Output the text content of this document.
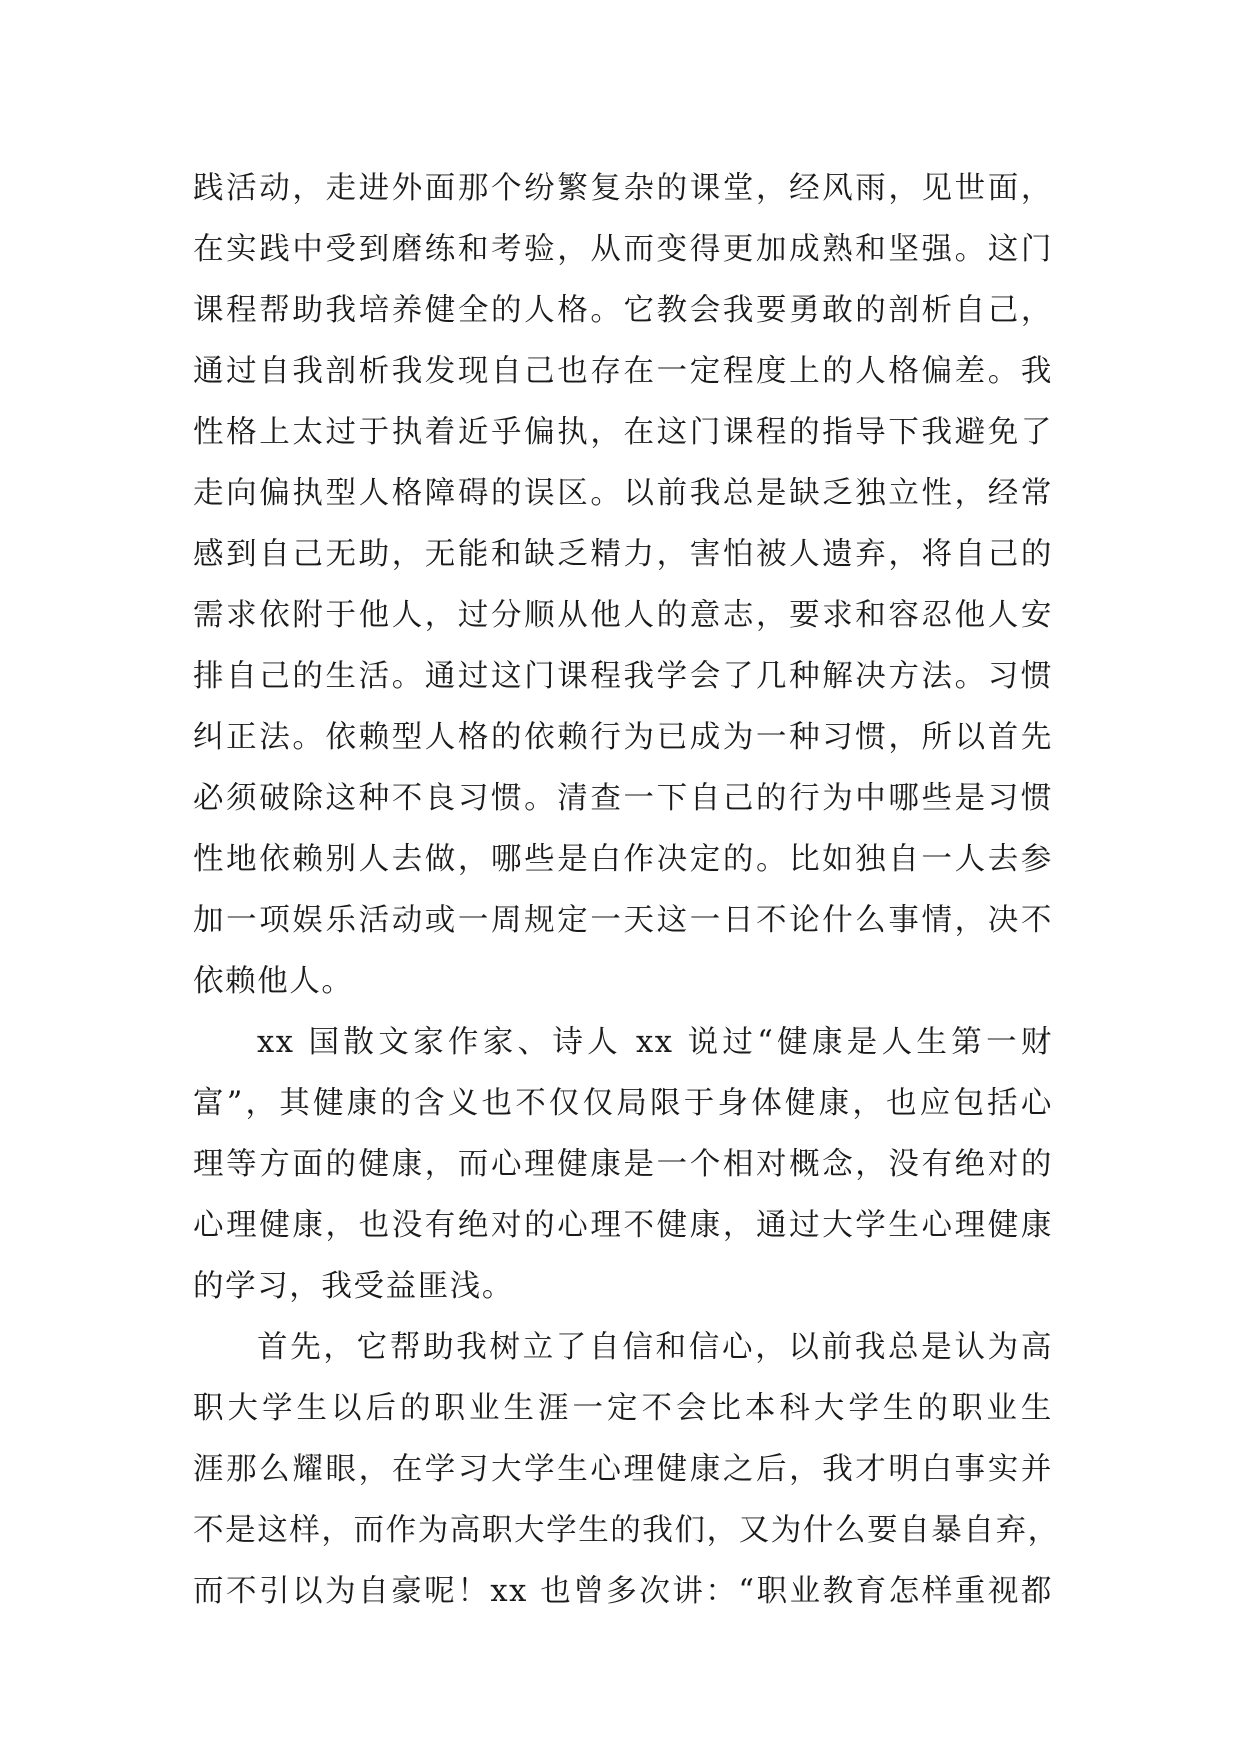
践活动，走进外面那个纷繁复杂的课堂，经风雨，见世面，
在实践中受到磨练和考验，从而变得更加成熟和坚强。这门
课程帮助我培养健全的人格。它教会我要勇敢的剖析自己，
通过自我剖析我发现自己也存在一定程度上的人格偏差。我
性格上太过于执着近乎偏执，在这门课程的指导下我避免了
走向偏执型人格障碍的误区。以前我总是缺乏独立性，经常
感到自己无助，无能和缺乏精力，害怕被人遗弃，将自己的
需求依附于他人，过分顺从他人的意志，要求和容忍他人安
排自己的生活。通过这门课程我学会了几种解决方法。习惯
纠正法。依赖型人格的依赖行为已成为一种习惯，所以首先
必须破除这种不良习惯。清查一下自己的行为中哪些是习惯
性地依赖别人去做，哪些是白作决定的。比如独自一人去参
加一项娱乐活动或一周规定一天这一日不论什么事情，决不
依赖他人。
xx 国散文家作家、诗人 xx 说过“健康是人生第一财
富”，其健康的含义也不仅仅局限于身体健康，也应包括心
理等方面的健康，而心理健康是一个相对概念，没有绝对的
心理健康，也没有绝对的心理不健康，通过大学生心理健康
的学习，我受益匪浅。
首先，它帮助我树立了自信和信心，以前我总是认为高
职大学生以后的职业生涯一定不会比本科大学生的职业生
涯那么耀眼，在学习大学生心理健康之后，我才明白事实并
不是这样，而作为高职大学生的我们，又为什么要自暴自弃，
而不引以为自豪呢！xx 也曾多次讲：“职业教育怎样重视都
